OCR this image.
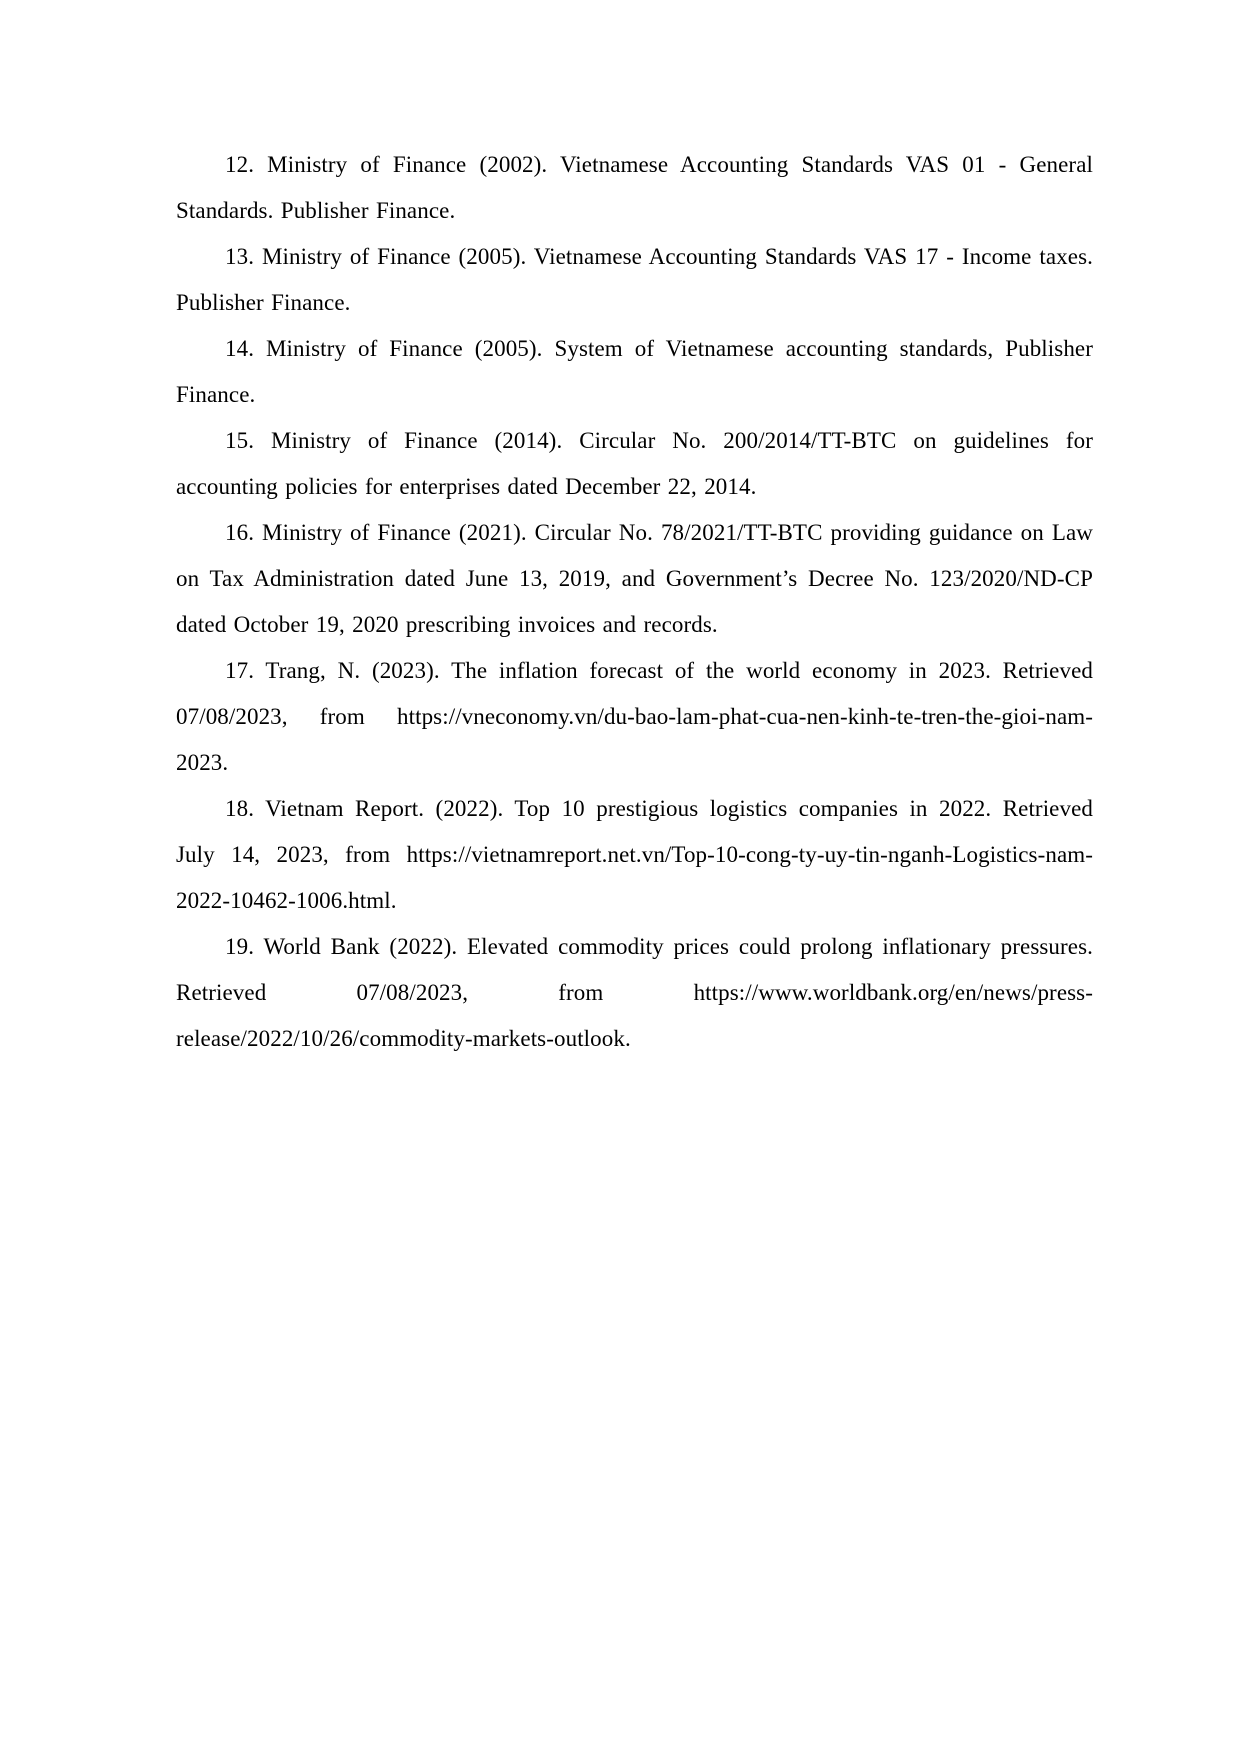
12. Ministry of Finance (2002). Vietnamese Accounting Standards VAS 01 - General Standards. Publisher Finance.

13. Ministry of Finance (2005). Vietnamese Accounting Standards VAS 17 - Income taxes. Publisher Finance.

14. Ministry of Finance (2005). System of Vietnamese accounting standards, Publisher Finance.

15. Ministry of Finance (2014). Circular No. 200/2014/TT-BTC on guidelines for accounting policies for enterprises dated December 22, 2014.

16. Ministry of Finance (2021). Circular No. 78/2021/TT-BTC providing guidance on Law on Tax Administration dated June 13, 2019, and Government’s Decree No. 123/2020/ND-CP dated October 19, 2020 prescribing invoices and records.

17. Trang, N. (2023). The inflation forecast of the world economy in 2023. Retrieved 07/08/2023, from https://vneconomy.vn/du-bao-lam-phat-cua-nen-kinh-te-tren-the-gioi-nam-2023.

18. Vietnam Report. (2022). Top 10 prestigious logistics companies in 2022. Retrieved July 14, 2023, from https://vietnamreport.net.vn/Top-10-cong-ty-uy-tin-nganh-Logistics-nam-2022-10462-1006.html.

19. World Bank (2022). Elevated commodity prices could prolong inflationary pressures. Retrieved 07/08/2023, from https://www.worldbank.org/en/news/press-release/2022/10/26/commodity-markets-outlook.
